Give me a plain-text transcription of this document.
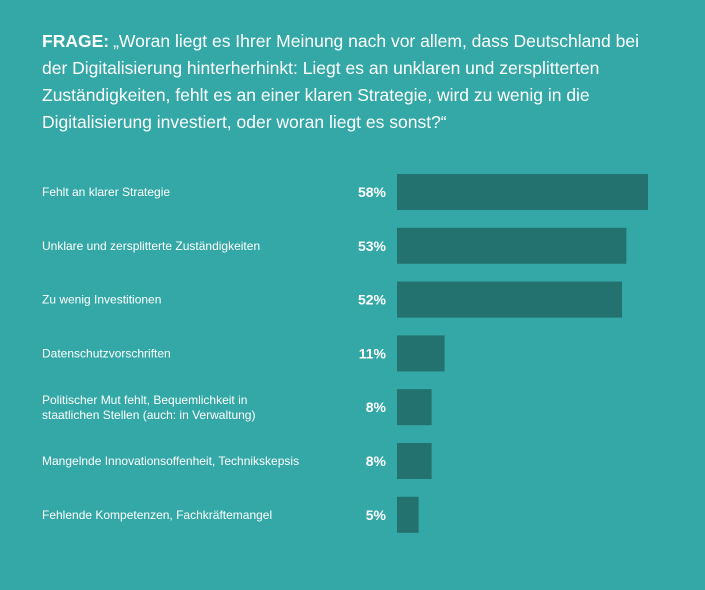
FRAGE: „Woran liegt es Ihrer Meinung nach vor allem, dass Deutschland bei der Digitalisierung hinterherhinkt: Liegt es an unklaren und zersplitterten Zuständigkeiten, fehlt es an einer klaren Strategie, wird zu wenig in die Digitalisierung investiert, oder woran liegt es sonst?“

58%
Fehlt an klarer Strategie
53%
Unklare und zersplitterte Zuständigkeiten
52%
Zu wenig Investitionen
11%
Datenschutzvorschriften
8%
Politischer Mut fehlt, Bequemlichkeit in staatlichen Stellen (auch: in Verwaltung)
8%
Mangelnde Innovationsoffenheit, Technikskepsis
5%
Fehlende Kompetenzen, Fachkräftemangel
